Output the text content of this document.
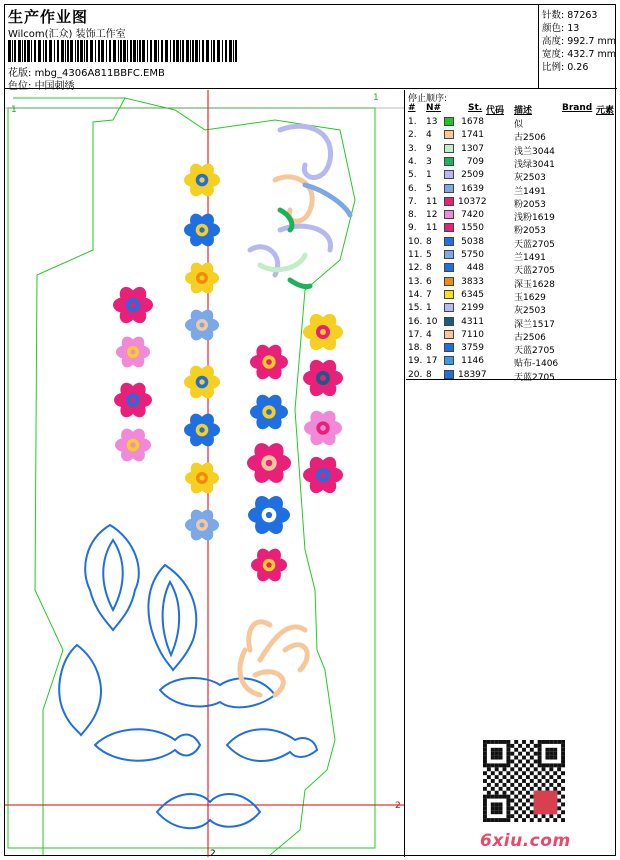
生产作业图
Wilcom(汇众) 装饰工作室
花版: mbg_4306A811BBFC.EMB
色位: 中国刺绣
针数: 87263
颜色: 13
高度: 992.7 mm
宽度: 432.7 mm
比例: 0.26
1
1
2
2
停止顺序:
# N#	St. 代码 描述	Brand 元素
1. 13	1678	似
2. 4	1741	古2506
3. 9	1307	浅兰3044
4. 3	709	浅绿3041
5. 1	2509	灰2503
6. 5	1639	兰1491
7. 11 10372	粉2053
8. 12	7420	浅粉1619
9. 11	1550	粉2053
10. 8	5038	天蓝2705
11. 5	5750	兰1491
12. 8	448	天蓝2705
13. 6	3833	深玉1628
14. 7	6345	玉1629
15. 1	2199	灰2503
16. 10	4311	深兰1517
17. 4	7110	古2506
18. 8	3759	天蓝2705
19. 17	1146	贴布-1406
20. 8	18397	天蓝2705
6xiu.com
